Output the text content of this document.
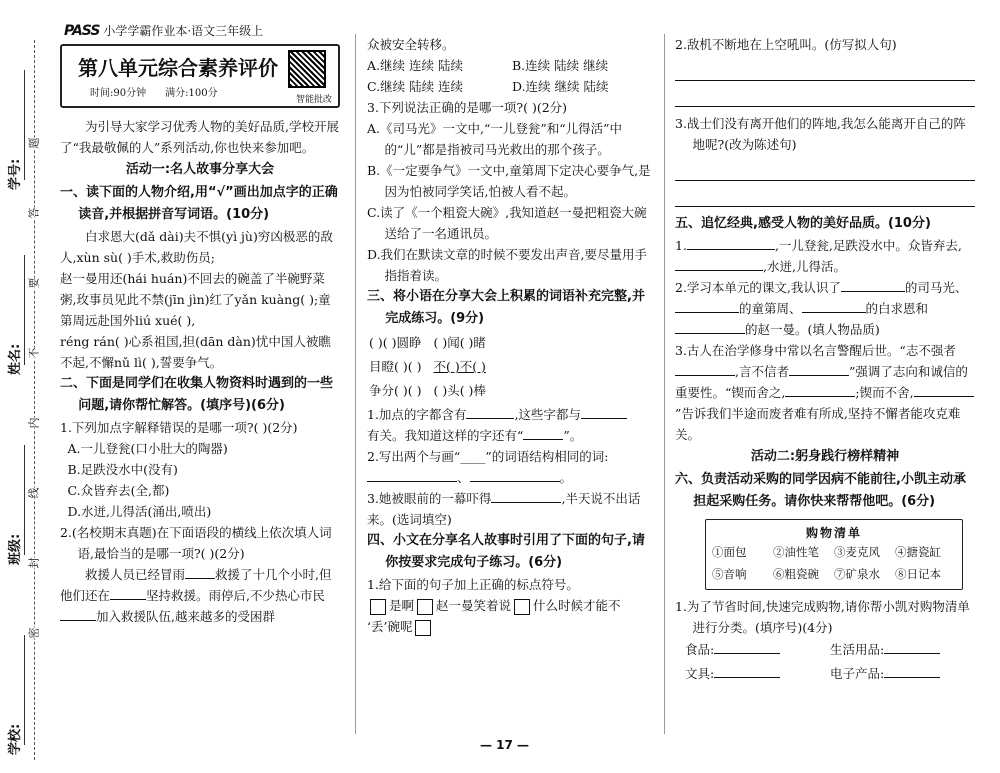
PASS 小学学霸作业本·语文三年级上
学号:
姓名:
班级:
学校:
题
答
要
不
内
线
封
密
第八单元综合素养评价
时间:90分钟 满分:100分
智能批改

为引导大家学习优秀人物的美好品质,学校开展了“我最敬佩的人”系列活动,你也快来参加吧。

活动一:名人故事分享大会
一、读下面的人物介绍,用“√”画出加点字的正确读音,并根据拼音写词语。(10分)

白求恩大(dǎ dài)夫不惧(yì jù)穷凶极恶的敌人,xùn sù( )手术,救助伤员;

赵一曼用还(hái huán)不回去的碗盖了半碗野菜粥,玫事员见此不禁(jīn jìn)红了yǎn kuàng( );童第周远赴国外liú xué( ),

réng rán( )心系祖国,担(dān dàn)忧中国人被瞧不起,不懈nǔ lì( ),誓要争气。

二、下面是同学们在收集人物资料时遇到的一些问题,请你帮忙解答。(填序号)(6分)

1.下列加点字解释错误的是哪一项?( )(2分)

A.一儿登瓮(口小肚大的陶器)

B.足跌没水中(没有)

C.众皆弃去(全,都)

D.水迸,儿得活(涌出,喷出)

2.(名校期末真题)在下面语段的横线上依次填人词语,最恰当的是哪一项?( )(2分)

救援人员已经冒雨 救援了十几个小时,但他们还在	坚持救援。雨停后,不少热心市民加入救援队伍,越来越多的受困群

众被安全转移。

A.继续 连续 陆续	B.连续 陆续 继续

C.继续 陆续 连续	D.连续 继续 陆续

3.下列说法正确的是哪一项?( )(2分)

A.《司马光》一文中,“一儿登瓮”和“儿得活”中的“儿”都是指被司马光救出的那个孩子。

B.《一定要争气》一文中,童第周下定决心要争气,是因为怕被同学笑话,怕被人看不起。

C.读了《一个粗瓷大碗》,我知道赵一曼把粗瓷大碗送给了一名通讯员。

D.我们在默读文章的时候不要发出声音,要尽量用手指指着读。

三、将小语在分享大会上积累的词语补充完整,并完成练习。(9分)
( )( )圆睁	( )闻( )睹
目瞪( )( )	不( )不( )
争分( )( )	( )头( )棒

1.加点的字都含有	,这些字都与

有关。我知道这样的字还有“	”。

2.写出两个与画“____”的词语结构相同的词:

、	。

3.她被眼前的一幕吓得	,半天说不出话来。(选词填空)

四、小文在分享名人故事时引用了下面的句子,请你按要求完成句子练习。(6分)

1.给下面的句子加上正确的标点符号。

是啊 赵一曼笑着说 什么时候才能不

‘丢’碗呢

2.敌机不断地在上空吼叫。(仿写拟人句)

3.战士们没有离开他们的阵地,我怎么能离开自己的阵地呢?(改为陈述句)

五、追忆经典,感受人物的美好品质。(10分)

1.	,一儿登瓮,足跌没水中。众皆弃去,,水迸,儿得活。

2.学习本单元的课文,我认识了	的司马光、的童第周、	的白求恩和的赵一曼。(填人物品质)

3.古人在治学修身中常以名言警醒后世。“志不强者,言不信者	”强调了志向和诚信的重要性。“锲而舍之,	;锲而不舍,”告诉我们半途而废者难有所成,坚持不懈者能攻克难关。

活动二:躬身践行榜样精神
六、负责活动采购的同学因病不能前往,小凯主动承担起采购任务。请你快来帮帮他吧。(6分)
购物清单
①面包	②油性笔	③麦克风	④搪瓷缸
⑤音响	⑥粗瓷碗	⑦矿泉水	⑧日记本

1.为了节省时间,快速完成购物,请你帮小凯对购物清单进行分类。(填序号)(4分)

食品:	生活用品:
文具:	电子产品:
— 17 —
